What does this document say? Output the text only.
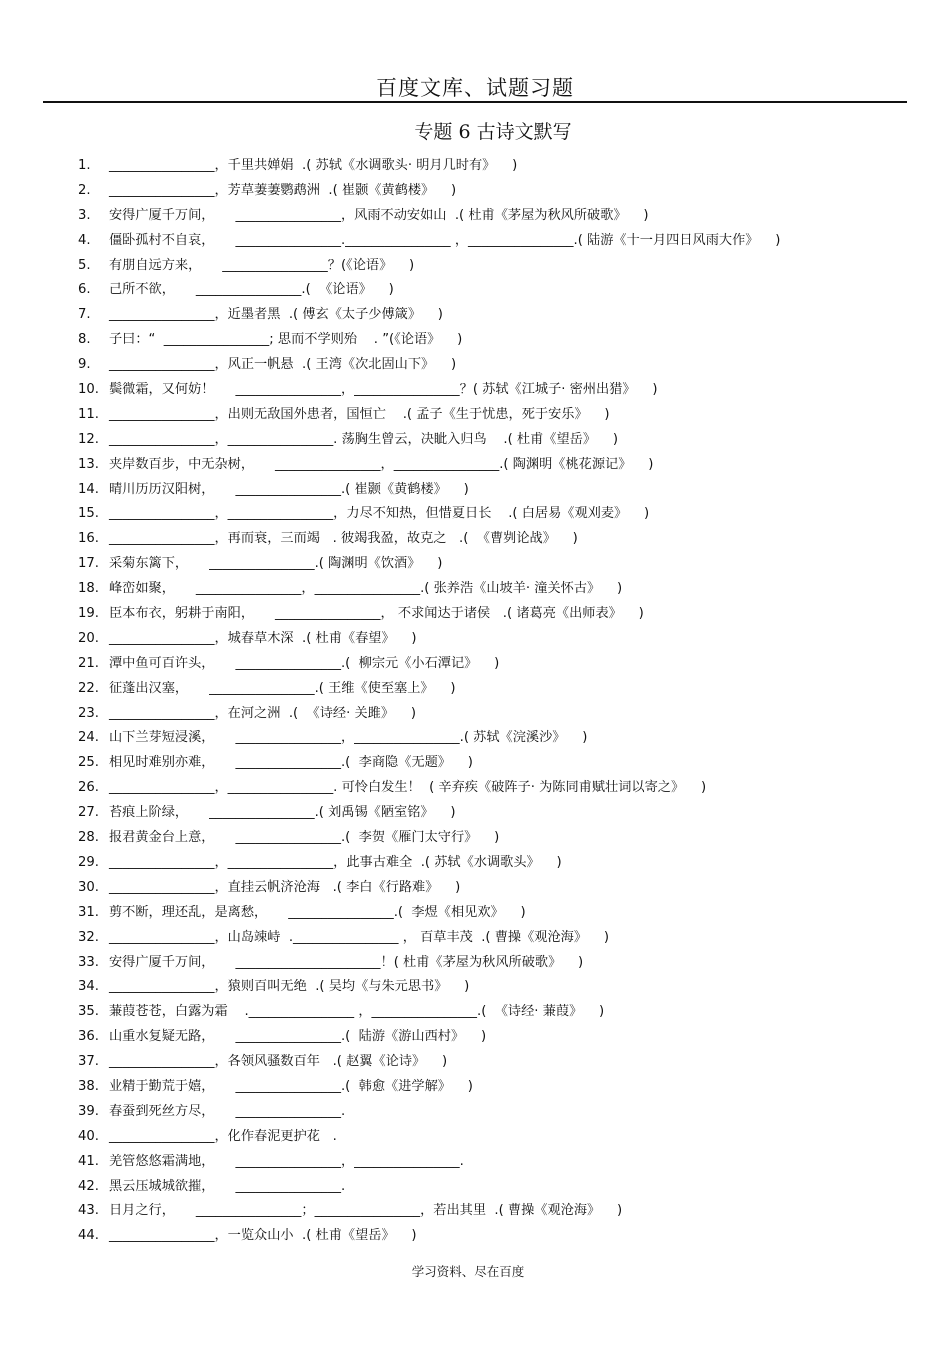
百度文库、试题习题
专题 6 古诗文默写
1. ________________，千里共婵娟  .( 苏轼《水调歌头· 明月几时有》    )
2. ________________，芳草萋萋鹦鹉洲  .( 崔颢《黄鹤楼》    )
3. 安得广厦千万间，     ________________，风雨不动安如山  .( 杜甫《茅屋为秋风所破歌》    )
4. 僵卧孤村不自哀，     ________________.________________ ，________________.( 陆游《十一月四日风雨大作》    )
5. 有朋自远方来，     ________________？(《论语》    )
6. 己所不欲，     ________________.(  《论语》    )
7. ________________，近墨者黑  .( 傅玄《太子少傅箴》    )
8. 子曰：“  ________________; 思而不学则殆    . ”(《论语》    )
9. ________________，风正一帆悬  .( 王湾《次北固山下》    )
10. 鬓微霜，又何妨！     ________________，________________？( 苏轼《江城子· 密州出猎》    )
11. ________________，出则无敌国外患者，国恒亡    .( 孟子《生于忧患，死于安乐》    )
12. ________________，________________. 荡胸生曾云，决眦入归鸟    .( 杜甫《望岳》    )
13. 夹岸数百步，中无杂树，     ________________，________________.( 陶渊明《桃花源记》    )
14. 晴川历历汉阳树，     ________________.( 崔颢《黄鹤楼》    )
15. ________________，________________，力尽不知热，但惜夏日长    .( 白居易《观刈麦》    )
16. ________________，再而衰，三而竭   . 彼竭我盈，故克之   .(  《曹刿论战》    )
17. 采菊东篱下，     ________________.( 陶渊明《饮酒》    )
18. 峰峦如聚，     ________________，________________.( 张养浩《山坡羊· 潼关怀古》    )
19. 臣本布衣，躬耕于南阳，     ________________， 不求闻达于诸侯   .( 诸葛亮《出师表》    )
20. ________________，城春草木深  .( 杜甫《春望》    )
21. 潭中鱼可百许头，     ________________.(  柳宗元《小石潭记》    )
22. 征蓬出汉塞，     ________________.( 王维《使至塞上》    )
23. ________________，在河之洲  .(  《诗经· 关雎》    )
24. 山下兰芽短浸溪，     ________________，________________.( 苏轼《浣溪沙》    )
25. 相见时难别亦难，     ________________.(  李商隐《无题》    )
26. ________________，________________. 可怜白发生！  ( 辛弃疾《破阵子· 为陈同甫赋壮词以寄之》    )
27. 苔痕上阶绿，     ________________.( 刘禹锡《陋室铭》    )
28. 报君黄金台上意，     ________________.(  李贺《雁门太守行》    )
29. ________________，________________，此事古难全  .( 苏轼《水调歌头》    )
30. ________________，直挂云帆济沧海   .( 李白《行路难》    )
31. 剪不断，理还乱，是离愁，     ________________.(  李煜《相见欢》    )
32. ________________，山岛竦峙  .________________ ， 百草丰茂  .( 曹操《观沧海》    )
33. 安得广厦千万间，     ______________________！( 杜甫《茅屋为秋风所破歌》    )
34. ________________，猿则百叫无绝  .( 吴均《与朱元思书》    )
35. 蒹葭苍苍，白露为霜    .________________ ，________________.(  《诗经· 蒹葭》    )
36. 山重水复疑无路，     ________________.(  陆游《游山西村》    )
37. ________________，各领风骚数百年   .( 赵翼《论诗》    )
38. 业精于勤荒于嬉，     ________________.(  韩愈《进学解》    )
39. 春蚕到死丝方尽，     ________________.
40. ________________，化作春泥更护花   .
41. 羌管悠悠霜满地，     ________________，________________.
42. 黑云压城城欲摧，     ________________.
43. 日月之行，     ________________；________________，若出其里  .( 曹操《观沧海》    )
44. ________________，一览众山小  .( 杜甫《望岳》    )
学习资料、尽在百度
